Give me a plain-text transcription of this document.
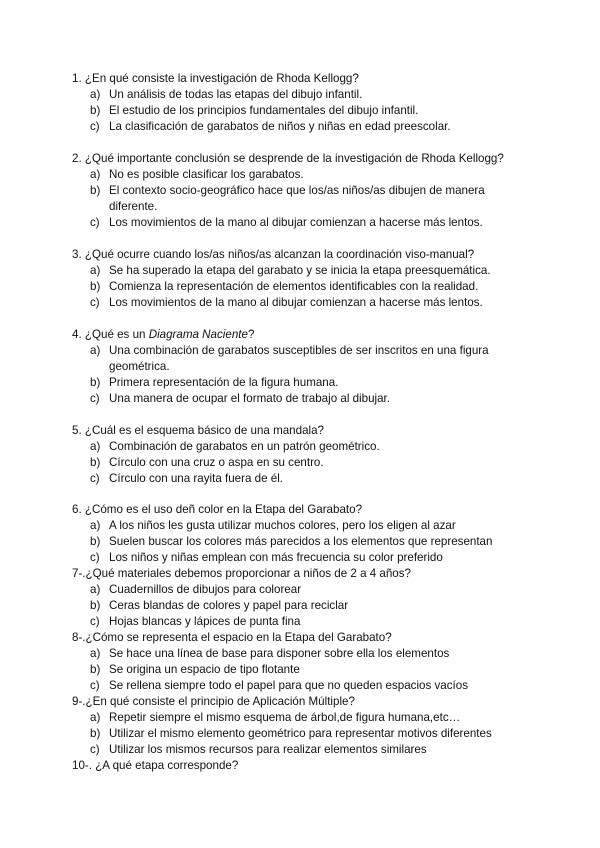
1. ¿En qué consiste la investigación de Rhoda Kellogg?
a) Un análisis de todas las etapas del dibujo infantil.
b) El estudio de los principios fundamentales del dibujo infantil.
c) La clasificación de garabatos de niños y niñas en edad preescolar.
2. ¿Qué importante conclusión se desprende de la investigación de Rhoda Kellogg?
a) No es posible clasificar los garabatos.
b) El contexto socio-geográfico hace que los/as niños/as dibujen de manera diferente.
c) Los movimientos de la mano al dibujar comienzan a hacerse más lentos.
3. ¿Qué ocurre cuando los/as niños/as alcanzan la coordinación viso-manual?
a) Se ha superado la etapa del garabato y se inicia la etapa preesquemática.
b) Comienza la representación de elementos identificables con la realidad.
c) Los movimientos de la mano al dibujar comienzan a hacerse más lentos.
4. ¿Qué es un Diagrama Naciente?
a) Una combinación de garabatos susceptibles de ser inscritos en una figura geométrica.
b) Primera representación de la figura humana.
c) Una manera de ocupar el formato de trabajo al dibujar.
5. ¿Cuál es el esquema básico de una mandala?
a) Combinación de garabatos en un patrón geométrico.
b) Círculo con una cruz o aspa en su centro.
c) Círculo con una rayita fuera de él.
6. ¿Cómo es el uso deñ color en la Etapa del Garabato?
a) A los niños les gusta utilizar muchos colores, pero los eligen al azar
b) Suelen buscar los colores más parecidos a los elementos que representan
c) Los niños y niñas emplean con más frecuencia su color preferido
7-.¿Qué materiales debemos proporcionar a niños de 2 a 4 años?
a) Cuadernillos de dibujos para colorear
b) Ceras blandas de colores y papel para reciclar
c) Hojas blancas y lápices de punta fina
8-.¿Cómo se representa el espacio en la Etapa del Garabato?
a) Se hace una línea de base para disponer sobre ella los elementos
b) Se origina un espacio de tipo flotante
c) Se rellena siempre todo el papel para que no queden espacios vacíos
9-.¿En qué consiste el principio de Aplicación Múltiple?
a) Repetir siempre el mismo esquema de árbol,de figura humana,etc…
b) Utilizar el mismo elemento geométrico para representar motivos diferentes
c) Utilizar los mismos recursos para realizar elementos similares
10-. ¿A qué etapa corresponde?
